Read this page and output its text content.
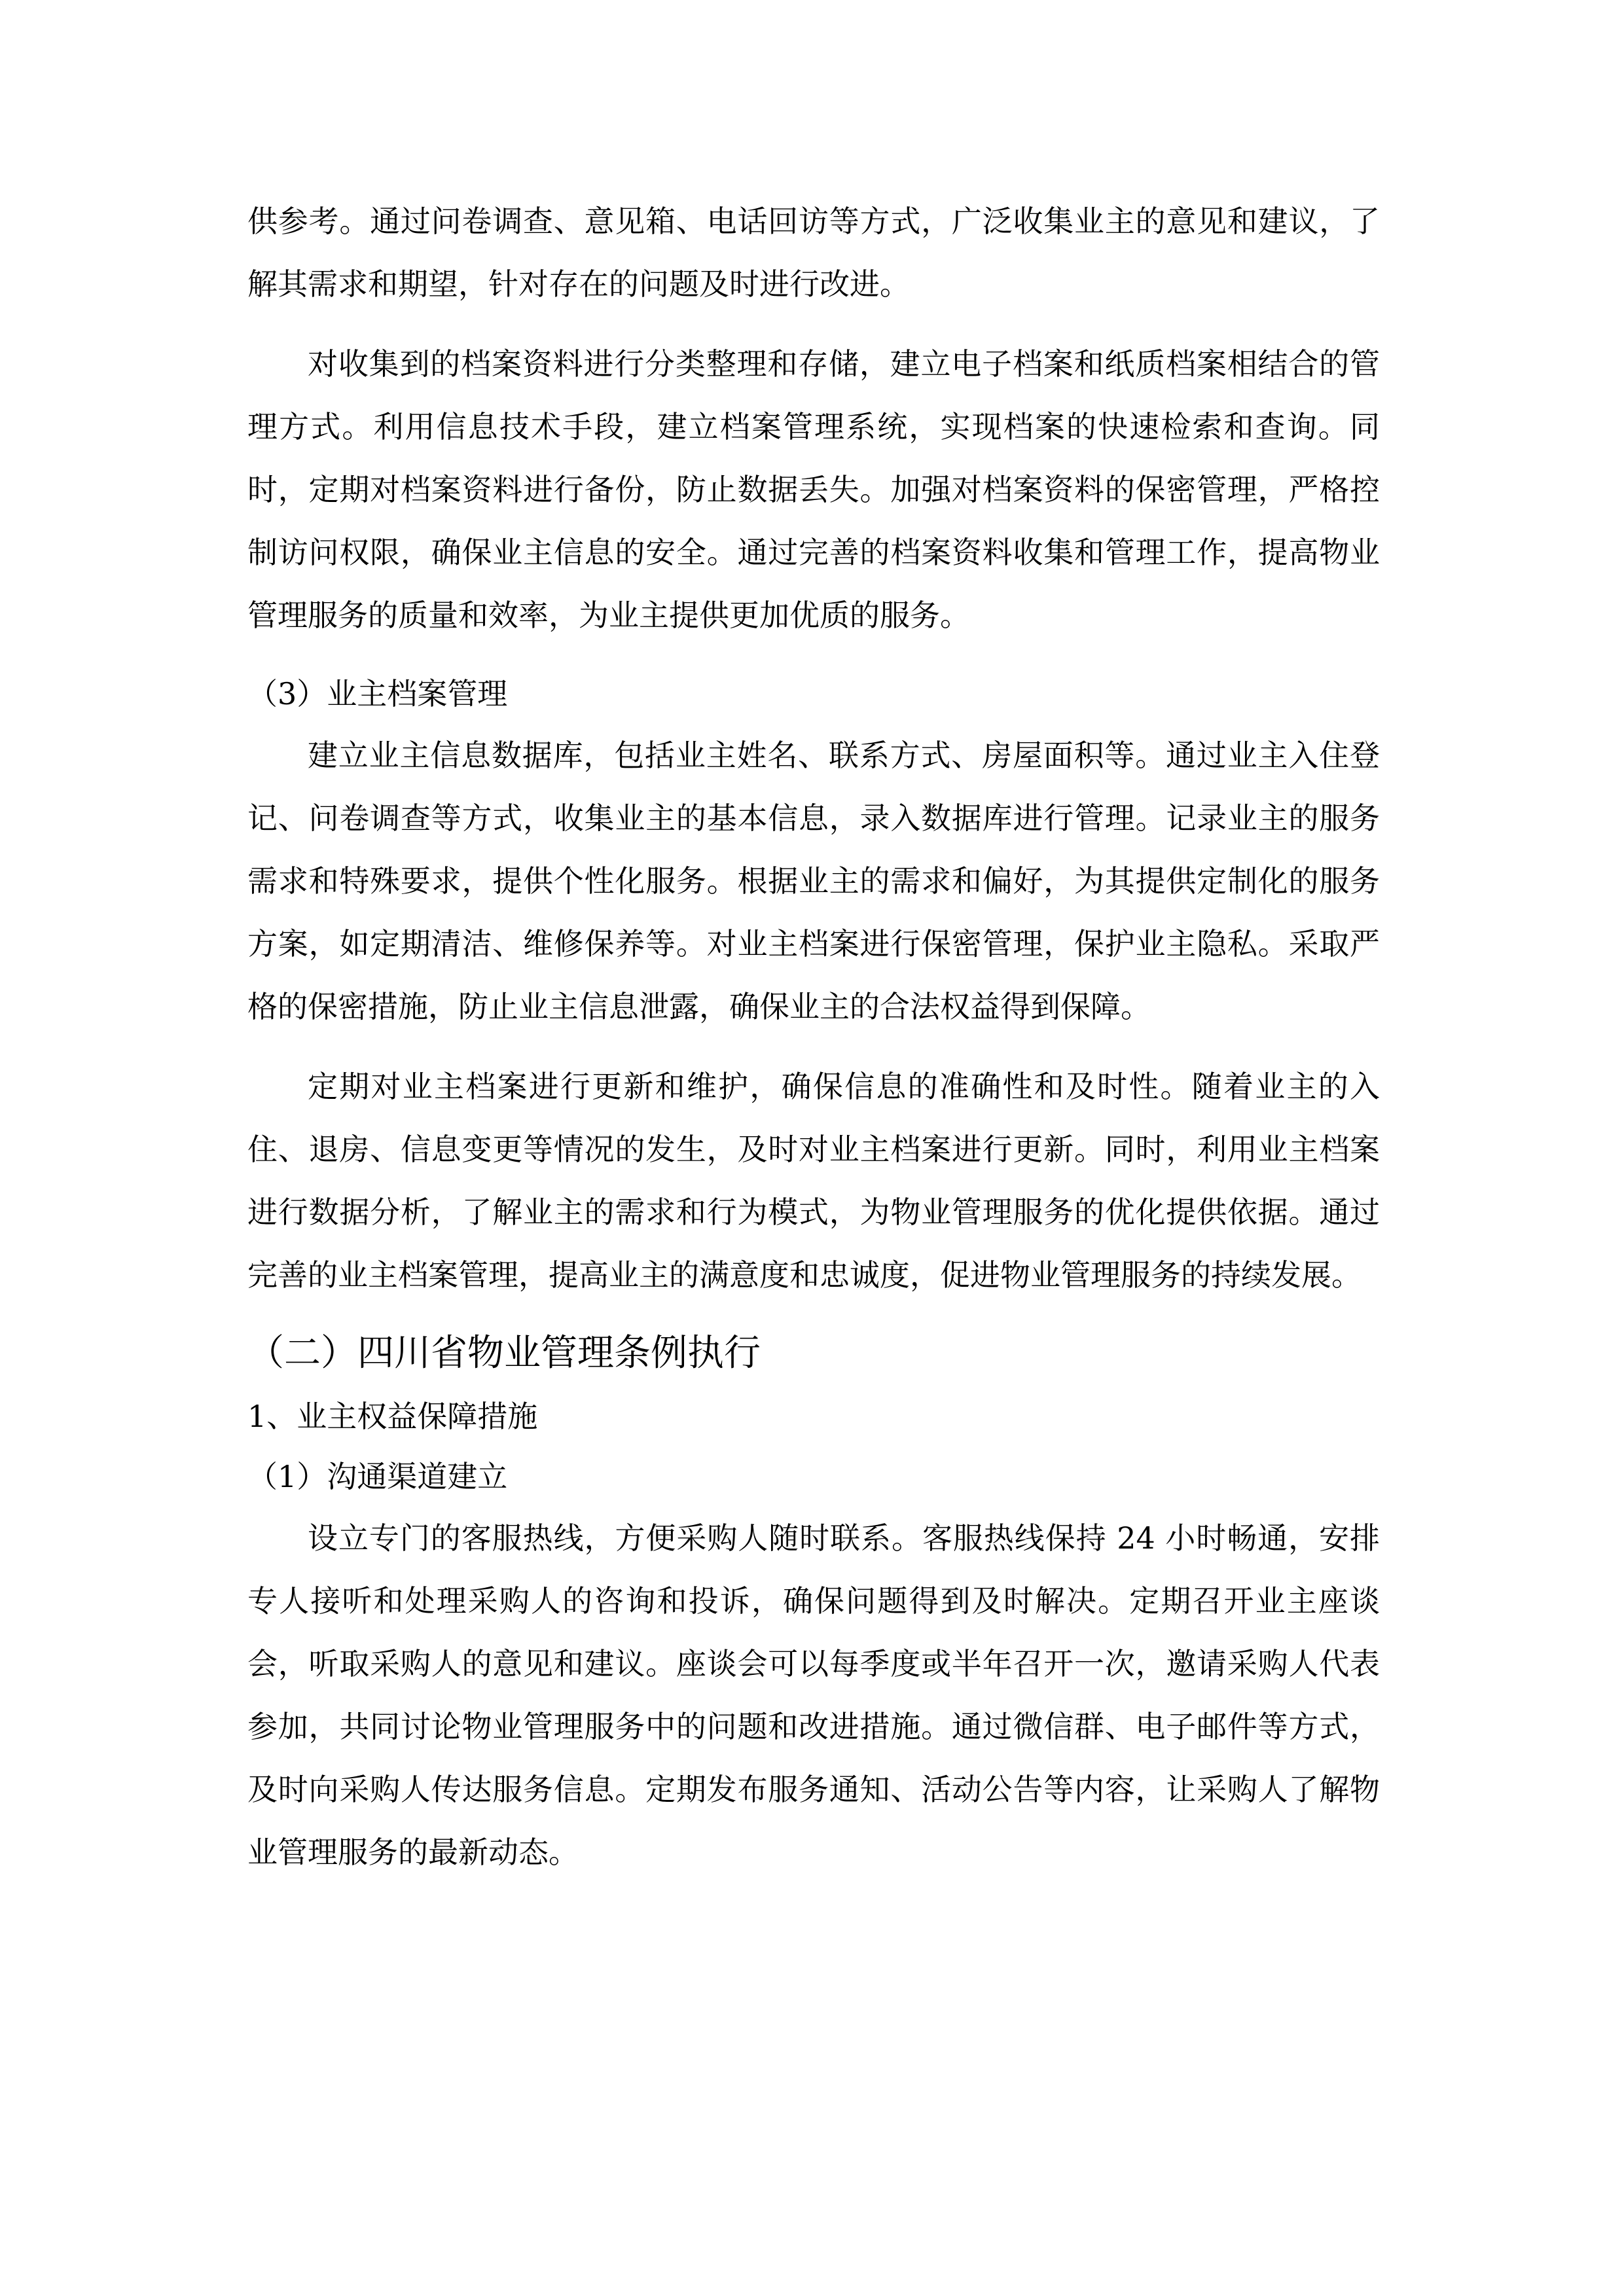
供参考。通过问卷调查、意见箱、电话回访等方式，广泛收集业主的意见和建议，了解其需求和期望，针对存在的问题及时进行改进。

对收集到的档案资料进行分类整理和存储，建立电子档案和纸质档案相结合的管理方式。利用信息技术手段，建立档案管理系统，实现档案的快速检索和查询。同时，定期对档案资料进行备份，防止数据丢失。加强对档案资料的保密管理，严格控制访问权限，确保业主信息的安全。通过完善的档案资料收集和管理工作，提高物业管理服务的质量和效率，为业主提供更加优质的服务。

（3）业主档案管理

建立业主信息数据库，包括业主姓名、联系方式、房屋面积等。通过业主入住登记、问卷调查等方式，收集业主的基本信息，录入数据库进行管理。记录业主的服务需求和特殊要求，提供个性化服务。根据业主的需求和偏好，为其提供定制化的服务方案，如定期清洁、维修保养等。对业主档案进行保密管理，保护业主隐私。采取严格的保密措施，防止业主信息泄露，确保业主的合法权益得到保障。

定期对业主档案进行更新和维护，确保信息的准确性和及时性。随着业主的入住、退房、信息变更等情况的发生，及时对业主档案进行更新。同时，利用业主档案进行数据分析，了解业主的需求和行为模式，为物业管理服务的优化提供依据。通过完善的业主档案管理，提高业主的满意度和忠诚度，促进物业管理服务的持续发展。

（二）四川省物业管理条例执行

1、业主权益保障措施

（1）沟通渠道建立

设立专门的客服热线，方便采购人随时联系。客服热线保持 24 小时畅通，安排专人接听和处理采购人的咨询和投诉，确保问题得到及时解决。定期召开业主座谈会，听取采购人的意见和建议。座谈会可以每季度或半年召开一次，邀请采购人代表参加，共同讨论物业管理服务中的问题和改进措施。通过微信群、电子邮件等方式，及时向采购人传达服务信息。定期发布服务通知、活动公告等内容，让采购人了解物业管理服务的最新动态。
